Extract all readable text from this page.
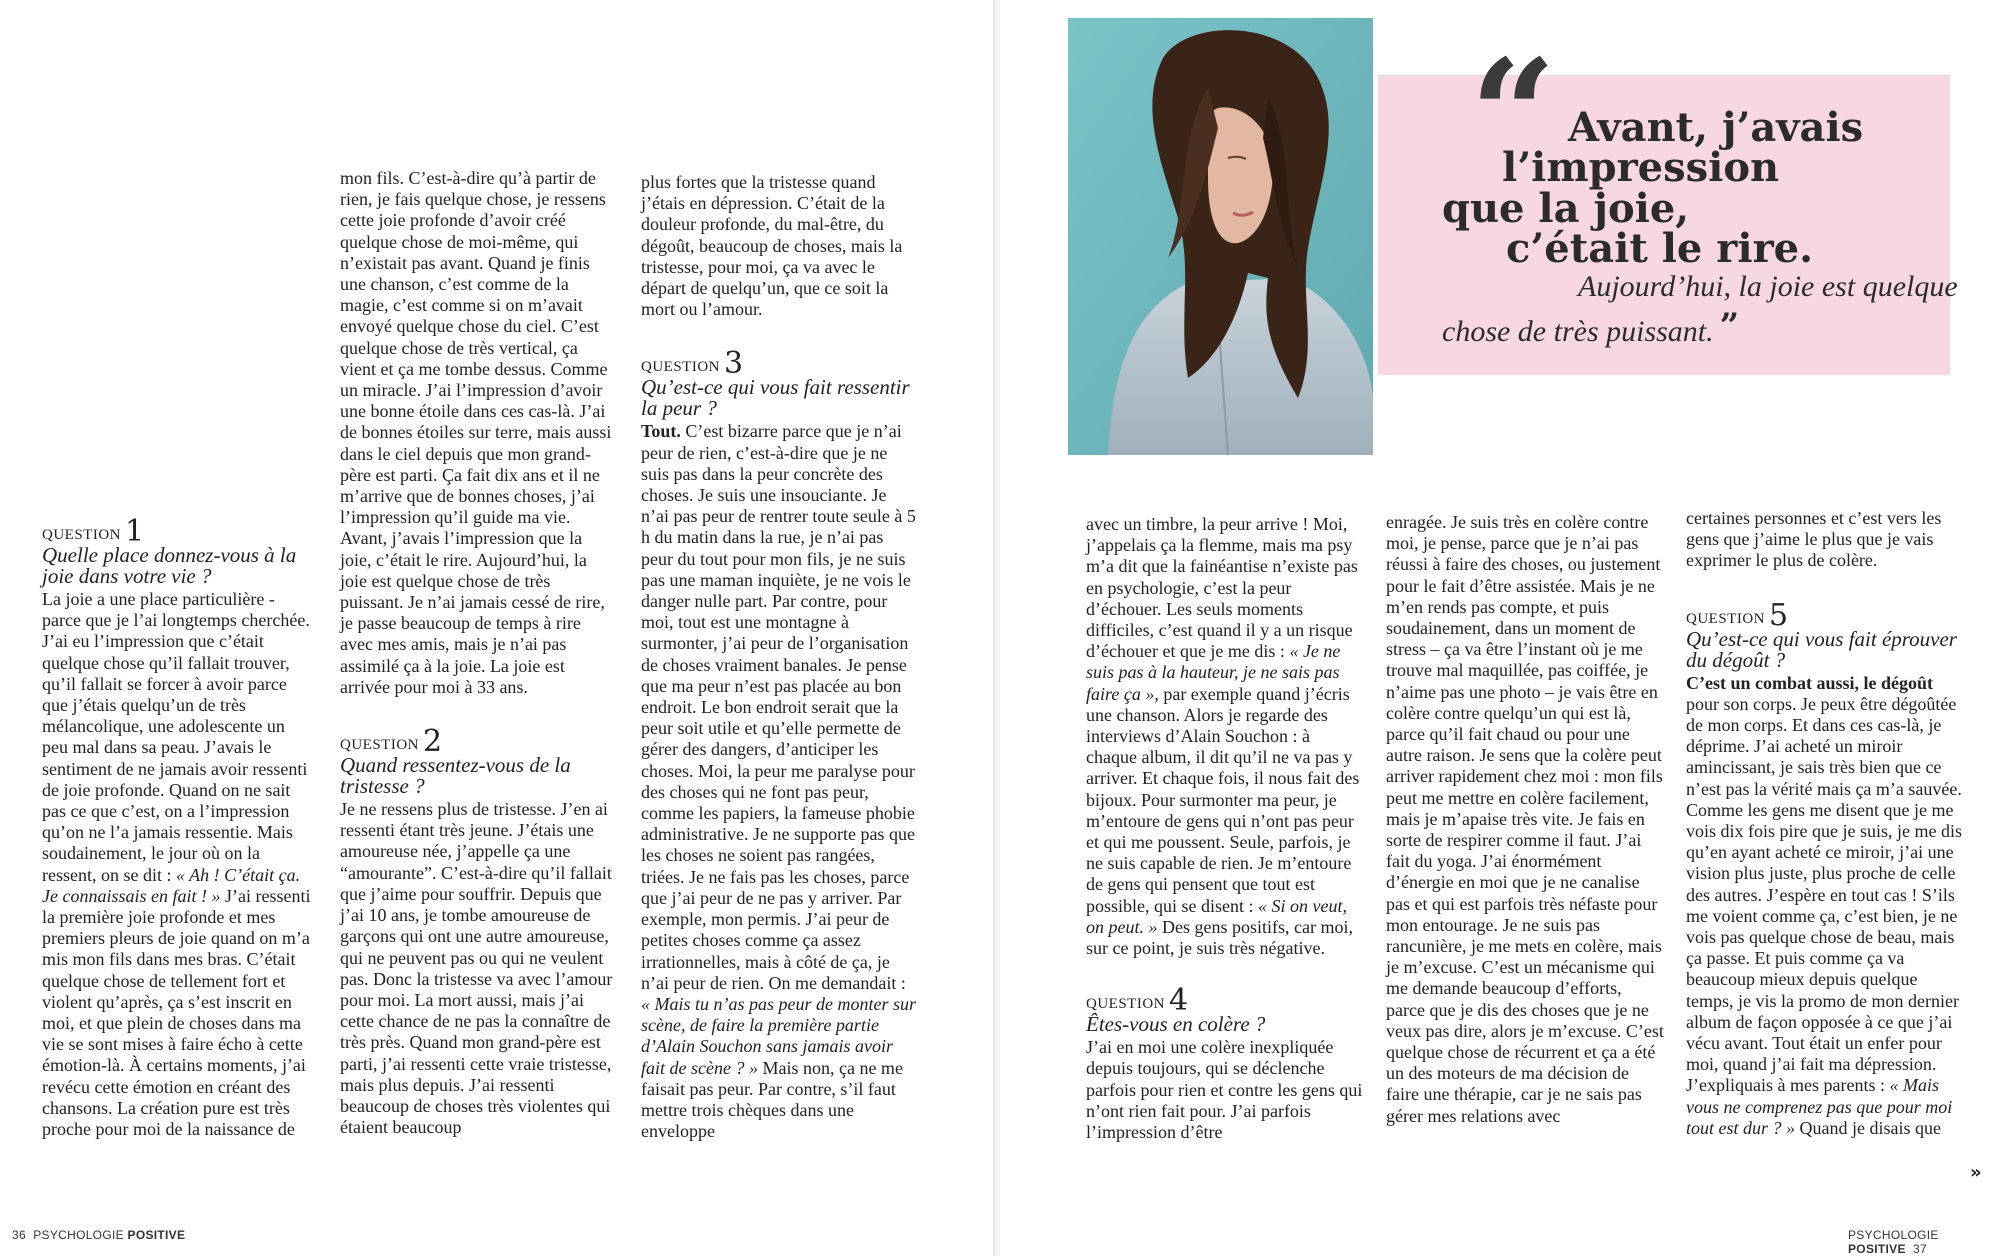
QUESTION 1
Quelle place donnez-vous à la joie dans votre vie ?

La joie a une place particulière - parce que je l’ai longtemps cherchée. J’ai eu l’impression que c’était quelque chose qu’il fallait trouver, qu’il fallait se forcer à avoir parce que j’étais quelqu’un de très mélancolique, une adolescente un peu mal dans sa peau. J’avais le sentiment de ne jamais avoir ressenti de joie profonde. Quand on ne sait pas ce que c’est, on a l’impression qu’on ne l’a jamais ressentie. Mais soudainement, le jour où on la ressent, on se dit : « Ah ! C’était ça. Je connaissais en fait ! » J’ai ressenti la première joie profonde et mes premiers pleurs de joie quand on m’a mis mon fils dans mes bras. C’était quelque chose de tellement fort et violent qu’après, ça s’est inscrit en moi, et que plein de choses dans ma vie se sont mises à faire écho à cette émotion-là. À certains moments, j’ai revécu cette émotion en créant des chansons. La création pure est très proche pour moi de la naissance de

mon fils. C’est-à-dire qu’à partir de rien, je fais quelque chose, je ressens cette joie profonde d’avoir créé quelque chose de moi-même, qui n’existait pas avant. Quand je finis une chanson, c’est comme de la magie, c’est comme si on m’avait envoyé quelque chose du ciel. C’est quelque chose de très vertical, ça vient et ça me tombe dessus. Comme un miracle. J’ai l’impression d’avoir une bonne étoile dans ces cas-là. J’ai de bonnes étoiles sur terre, mais aussi dans le ciel depuis que mon grand-père est parti. Ça fait dix ans et il ne m’arrive que de bonnes choses, j’ai l’impression qu’il guide ma vie. Avant, j’avais l’impression que la joie, c’était le rire. Aujourd’hui, la joie est quelque chose de très puissant. Je n’ai jamais cessé de rire, je passe beaucoup de temps à rire avec mes amis, mais je n’ai pas assimilé ça à la joie. La joie est arrivée pour moi à 33 ans.

QUESTION 2
Quand ressentez-vous de la tristesse ?

Je ne ressens plus de tristesse. J’en ai ressenti étant très jeune. J’étais une amoureuse née, j’appelle ça une “amourante”. C’est-à-dire qu’il fallait que j’aime pour souffrir. Depuis que j’ai 10 ans, je tombe amoureuse de garçons qui ont une autre amoureuse, qui ne peuvent pas ou qui ne veulent pas. Donc la tristesse va avec l’amour pour moi. La mort aussi, mais j’ai cette chance de ne pas la connaître de très près. Quand mon grand-père est parti, j’ai ressenti cette vraie tristesse, mais plus depuis. J’ai ressenti beaucoup de choses très violentes qui étaient beaucoup

plus fortes que la tristesse quand j’étais en dépression. C’était de la douleur profonde, du mal-être, du dégoût, beaucoup de choses, mais la tristesse, pour moi, ça va avec le départ de quelqu’un, que ce soit la mort ou l’amour.

QUESTION 3
Qu’est-ce qui vous fait ressentir la peur ?

Tout. C’est bizarre parce que je n’ai peur de rien, c’est-à-dire que je ne suis pas dans la peur concrète des choses. Je suis une insouciante. Je n’ai pas peur de rentrer toute seule à 5 h du matin dans la rue, je n’ai pas peur du tout pour mon fils, je ne suis pas une maman inquiète, je ne vois le danger nulle part. Par contre, pour moi, tout est une montagne à surmonter, j’ai peur de l’organisation de choses vraiment banales. Je pense que ma peur n’est pas placée au bon endroit. Le bon endroit serait que la peur soit utile et qu’elle permette de gérer des dangers, d’anticiper les choses. Moi, la peur me paralyse pour des choses qui ne font pas peur, comme les papiers, la fameuse phobie administrative. Je ne supporte pas que les choses ne soient pas rangées, triées. Je ne fais pas les choses, parce que j’ai peur de ne pas y arriver. Par exemple, mon permis. J’ai peur de petites choses comme ça assez irrationnelles, mais à côté de ça, je n’ai peur de rien. On me demandait : « Mais tu n’as pas peur de monter sur scène, de faire la première partie d’Alain Souchon sans jamais avoir fait de scène ? » Mais non, ça ne me faisait pas peur. Par contre, s’il faut mettre trois chèques dans une enveloppe

“ Avant, j’avais
l’impression
que la joie,
c’était le rire.
Aujourd’hui, la joie est quelque
chose de très puissant. ”

avec un timbre, la peur arrive ! Moi, j’appelais ça la flemme, mais ma psy m’a dit que la fainéantise n’existe pas en psychologie, c’est la peur d’échouer. Les seuls moments difficiles, c’est quand il y a un risque d’échouer et que je me dis : « Je ne suis pas à la hauteur, je ne sais pas faire ça », par exemple quand j’écris une chanson. Alors je regarde des interviews d’Alain Souchon : à chaque album, il dit qu’il ne va pas y arriver. Et chaque fois, il nous fait des bijoux. Pour surmonter ma peur, je m’entoure de gens qui n’ont pas peur et qui me poussent. Seule, parfois, je ne suis capable de rien. Je m’entoure de gens qui pensent que tout est possible, qui se disent : « Si on veut, on peut. » Des gens positifs, car moi, sur ce point, je suis très négative.

QUESTION 4
Êtes-vous en colère ?

J’ai en moi une colère inexpliquée depuis toujours, qui se déclenche parfois pour rien et contre les gens qui n’ont rien fait pour. J’ai parfois l’impression d’être

enragée. Je suis très en colère contre moi, je pense, parce que je n’ai pas réussi à faire des choses, ou justement pour le fait d’être assistée. Mais je ne m’en rends pas compte, et puis soudainement, dans un moment de stress – ça va être l’instant où je me trouve mal maquillée, pas coiffée, je n’aime pas une photo – je vais être en colère contre quelqu’un qui est là, parce qu’il fait chaud ou pour une autre raison. Je sens que la colère peut arriver rapidement chez moi : mon fils peut me mettre en colère facilement, mais je m’apaise très vite. Je fais en sorte de respirer comme il faut. J’ai fait du yoga. J’ai énormément d’énergie en moi que je ne canalise pas et qui est parfois très néfaste pour mon entourage. Je ne suis pas rancunière, je me mets en colère, mais je m’excuse. C’est un mécanisme qui me demande beaucoup d’efforts, parce que je dis des choses que je ne veux pas dire, alors je m’excuse. C’est quelque chose de récurrent et ça a été un des moteurs de ma décision de faire une thérapie, car je ne sais pas gérer mes relations avec

certaines personnes et c’est vers les gens que j’aime le plus que je vais exprimer le plus de colère.

QUESTION 5
Qu’est-ce qui vous fait éprouver du dégoût ?

C’est un combat aussi, le dégoût pour son corps. Je peux être dégoûtée de mon corps. Et dans ces cas-là, je déprime. J’ai acheté un miroir amincissant, je sais très bien que ce n’est pas la vérité mais ça m’a sauvée. Comme les gens me disent que je me vois dix fois pire que je suis, je me dis qu’en ayant acheté ce miroir, j’ai une vision plus juste, plus proche de celle des autres. J’espère en tout cas ! S’ils me voient comme ça, c’est bien, je ne vois pas quelque chose de beau, mais ça passe. Et puis comme ça va beaucoup mieux depuis quelque temps, je vis la promo de mon dernier album de façon opposée à ce que j’ai vécu avant. Tout était un enfer pour moi, quand j’ai fait ma dépression. J’expliquais à mes parents : « Mais vous ne comprenez pas que pour moi tout est dur ? » Quand je disais que

»
36 PSYCHOLOGIE POSITIVE	PSYCHOLOGIE POSITIVE 37
